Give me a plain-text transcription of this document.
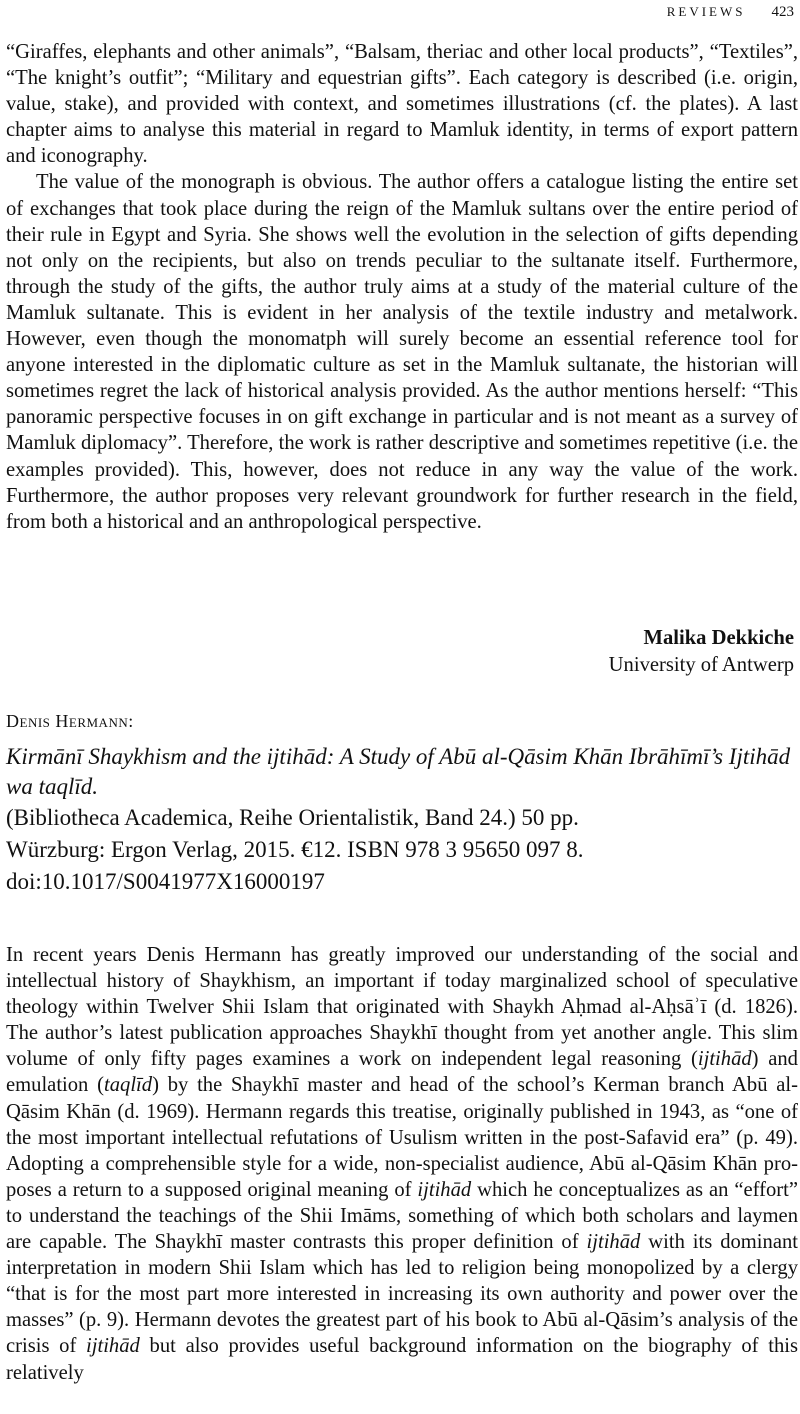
REVIEWS 423

“Giraffes, elephants and other animals”, “Balsam, theriac and other local products”, “Textiles”, “The knight’s outfit”; “Military and equestrian gifts”. Each category is described (i.e. origin, value, stake), and provided with context, and sometimes illustrations (cf. the plates). A last chapter aims to analyse this material in regard to Mamluk identity, in terms of export pattern and iconography.

The value of the monograph is obvious. The author offers a catalogue listing the entire set of exchanges that took place during the reign of the Mamluk sultans over the entire period of their rule in Egypt and Syria. She shows well the evolution in the selection of gifts depending not only on the recipients, but also on trends peculiar to the sultanate itself. Furthermore, through the study of the gifts, the author truly aims at a study of the material culture of the Mamluk sultanate. This is evident in her analysis of the textile industry and metalwork. However, even though the monomatph will surely become an essential reference tool for anyone interested in the diplomatic culture as set in the Mamluk sultanate, the historian will sometimes regret the lack of historical analysis provided. As the author mentions herself: “This panoramic perspective focuses in on gift exchange in particular and is not meant as a survey of Mamluk diplomacy”. Therefore, the work is rather descriptive and sometimes repetitive (i.e. the examples provided). This, however, does not reduce in any way the value of the work. Furthermore, the author proposes very relevant groundwork for further research in the field, from both a historical and an anthropological perspective.

Malika Dekkiche
University of Antwerp

Denis Hermann:

Kirmānī Shaykhism and the ijtihād: A Study of Abū al-Qāsim Khān Ibrāhīmī’s Ijtihād wa taqlīd.

(Bibliotheca Academica, Reihe Orientalistik, Band 24.) 50 pp.

Würzburg: Ergon Verlag, 2015. €12. ISBN 978 3 95650 097 8.

doi:10.1017/S0041977X16000197

In recent years Denis Hermann has greatly improved our understanding of the social and intellectual history of Shaykhism, an important if today marginalized school of speculative theology within Twelver Shii Islam that originated with Shaykh Aḥmad al-Aḥsāʾī (d. 1826). The author’s latest publication approaches Shaykhī thought from yet another angle. This slim volume of only fifty pages examines a work on independent legal reasoning (ijtihād) and emulation (taqlīd) by the Shaykhī master and head of the school’s Kerman branch Abū al-Qāsim Khān (d. 1969). Hermann regards this treatise, originally published in 1943, as “one of the most important intellectual refutations of Usulism written in the post-Safavid era” (p. 49). Adopting a comprehensible style for a wide, non-specialist audience, Abū al-Qāsim Khān proposes a return to a supposed original meaning of ijtihād which he conceptualizes as an “effort” to understand the teachings of the Shii Imāms, something of which both scholars and laymen are capable. The Shaykhī master contrasts this proper definition of ijtihād with its dominant interpretation in modern Shii Islam which has led to religion being monopolized by a clergy “that is for the most part more interested in increasing its own authority and power over the masses” (p. 9). Hermann devotes the greatest part of his book to Abū al-Qāsim’s analysis of the crisis of ijtihād but also provides useful background information on the biography of this relatively
